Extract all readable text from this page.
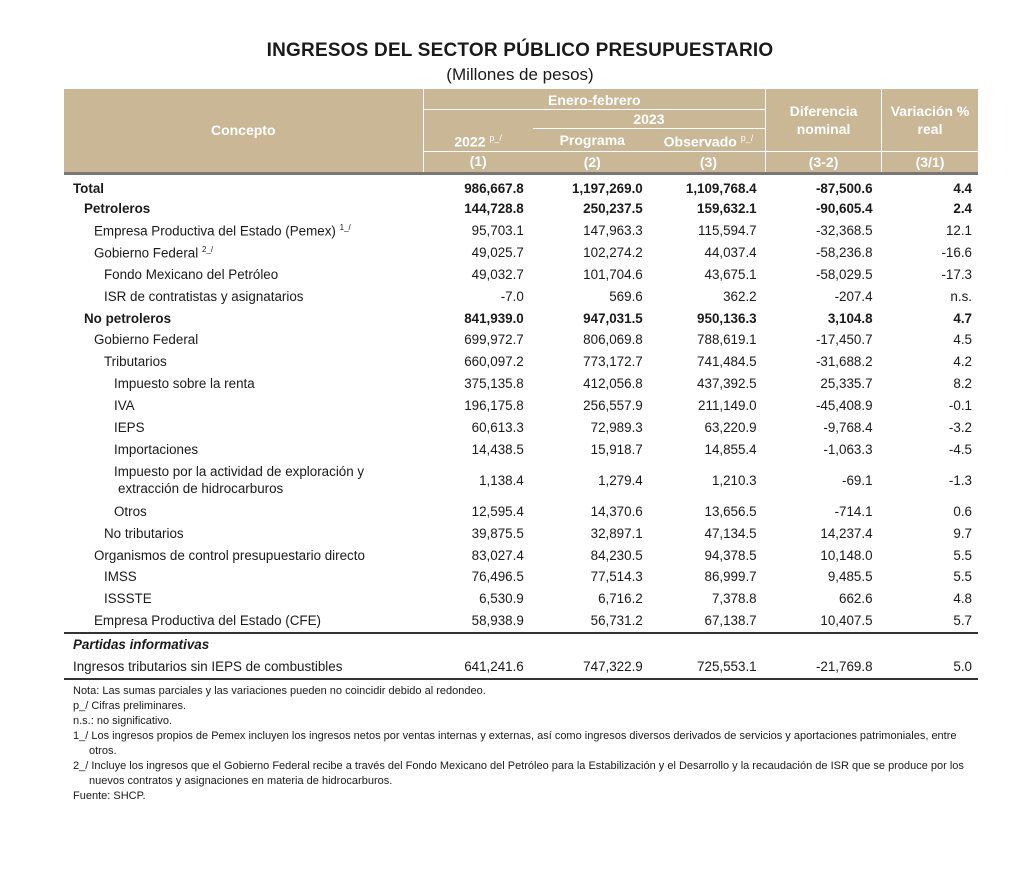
INGRESOS DEL SECTOR PÚBLICO PRESUPUESTARIO
(Millones de pesos)
Concepto	Enero-febrero			Diferencia nominal	Variación % real
		2023			
	2022 $^{p\_/}$	Programa	Observado $^{p\_/}$
	(1)	(2)	(3)	(3-2)	(3/1)
Total	986,667.8	1,197,269.0	1,109,768.4	-87,500.6	4.4
Petroleros	144,728.8	250,237.5	159,632.1	-90,605.4	2.4
Empresa Productiva del Estado (Pemex) $^{1\_/}$	95,703.1	147,963.3	115,594.7	-32,368.5	12.1
Gobierno Federal $^{2\_/}$	49,025.7	102,274.2	44,037.4	-58,236.8	-16.6
Fondo Mexicano del Petróleo	49,032.7	101,704.6	43,675.1	-58,029.5	-17.3
ISR de contratistas y asignatarios	-7.0	569.6	362.2	-207.4	n.s.
No petroleros	841,939.0	947,031.5	950,136.3	3,104.8	4.7
Gobierno Federal	699,972.7	806,069.8	788,619.1	-17,450.7	4.5
Tributarios	660,097.2	773,172.7	741,484.5	-31,688.2	4.2
Impuesto sobre la renta	375,135.8	412,056.8	437,392.5	25,335.7	8.2
IVA	196,175.8	256,557.9	211,149.0	-45,408.9	-0.1
IEPS	60,613.3	72,989.3	63,220.9	-9,768.4	-3.2
Importaciones	14,438.5	15,918.7	14,855.4	-1,063.3	-4.5
Impuesto por la actividad de exploración y
extracción de hidrocarburos	1,138.4	1,279.4	1,210.3	-69.1	-1.3
Otros	12,595.4	14,370.6	13,656.5	-714.1	0.6
No tributarios	39,875.5	32,897.1	47,134.5	14,237.4	9.7
Organismos de control presupuestario directo	83,027.4	84,230.5	94,378.5	10,148.0	5.5
IMSS	76,496.5	77,514.3	86,999.7	9,485.5	5.5
ISSSTE	6,530.9	6,716.2	7,378.8	662.6	4.8
Empresa Productiva del Estado (CFE)	58,938.9	56,731.2	67,138.7	10,407.5	5.7
Partidas informativas					
Ingresos tributarios sin IEPS de combustibles	641,241.6	747,322.9	725,553.1	-21,769.8	5.0
Nota: Las sumas parciales y las variaciones pueden no coincidir debido al redondeo.
p_/ Cifras preliminares.
n.s.: no significativo.
1_/ Los ingresos propios de Pemex incluyen los ingresos netos por ventas internas y externas, así como ingresos diversos derivados de servicios y aportaciones patrimoniales, entre otros.
2_/ Incluye los ingresos que el Gobierno Federal recibe a través del Fondo Mexicano del Petróleo para la Estabilización y el Desarrollo y la recaudación de ISR que se produce por los nuevos contratos y asignaciones en materia de hidrocarburos.
Fuente: SHCP.
